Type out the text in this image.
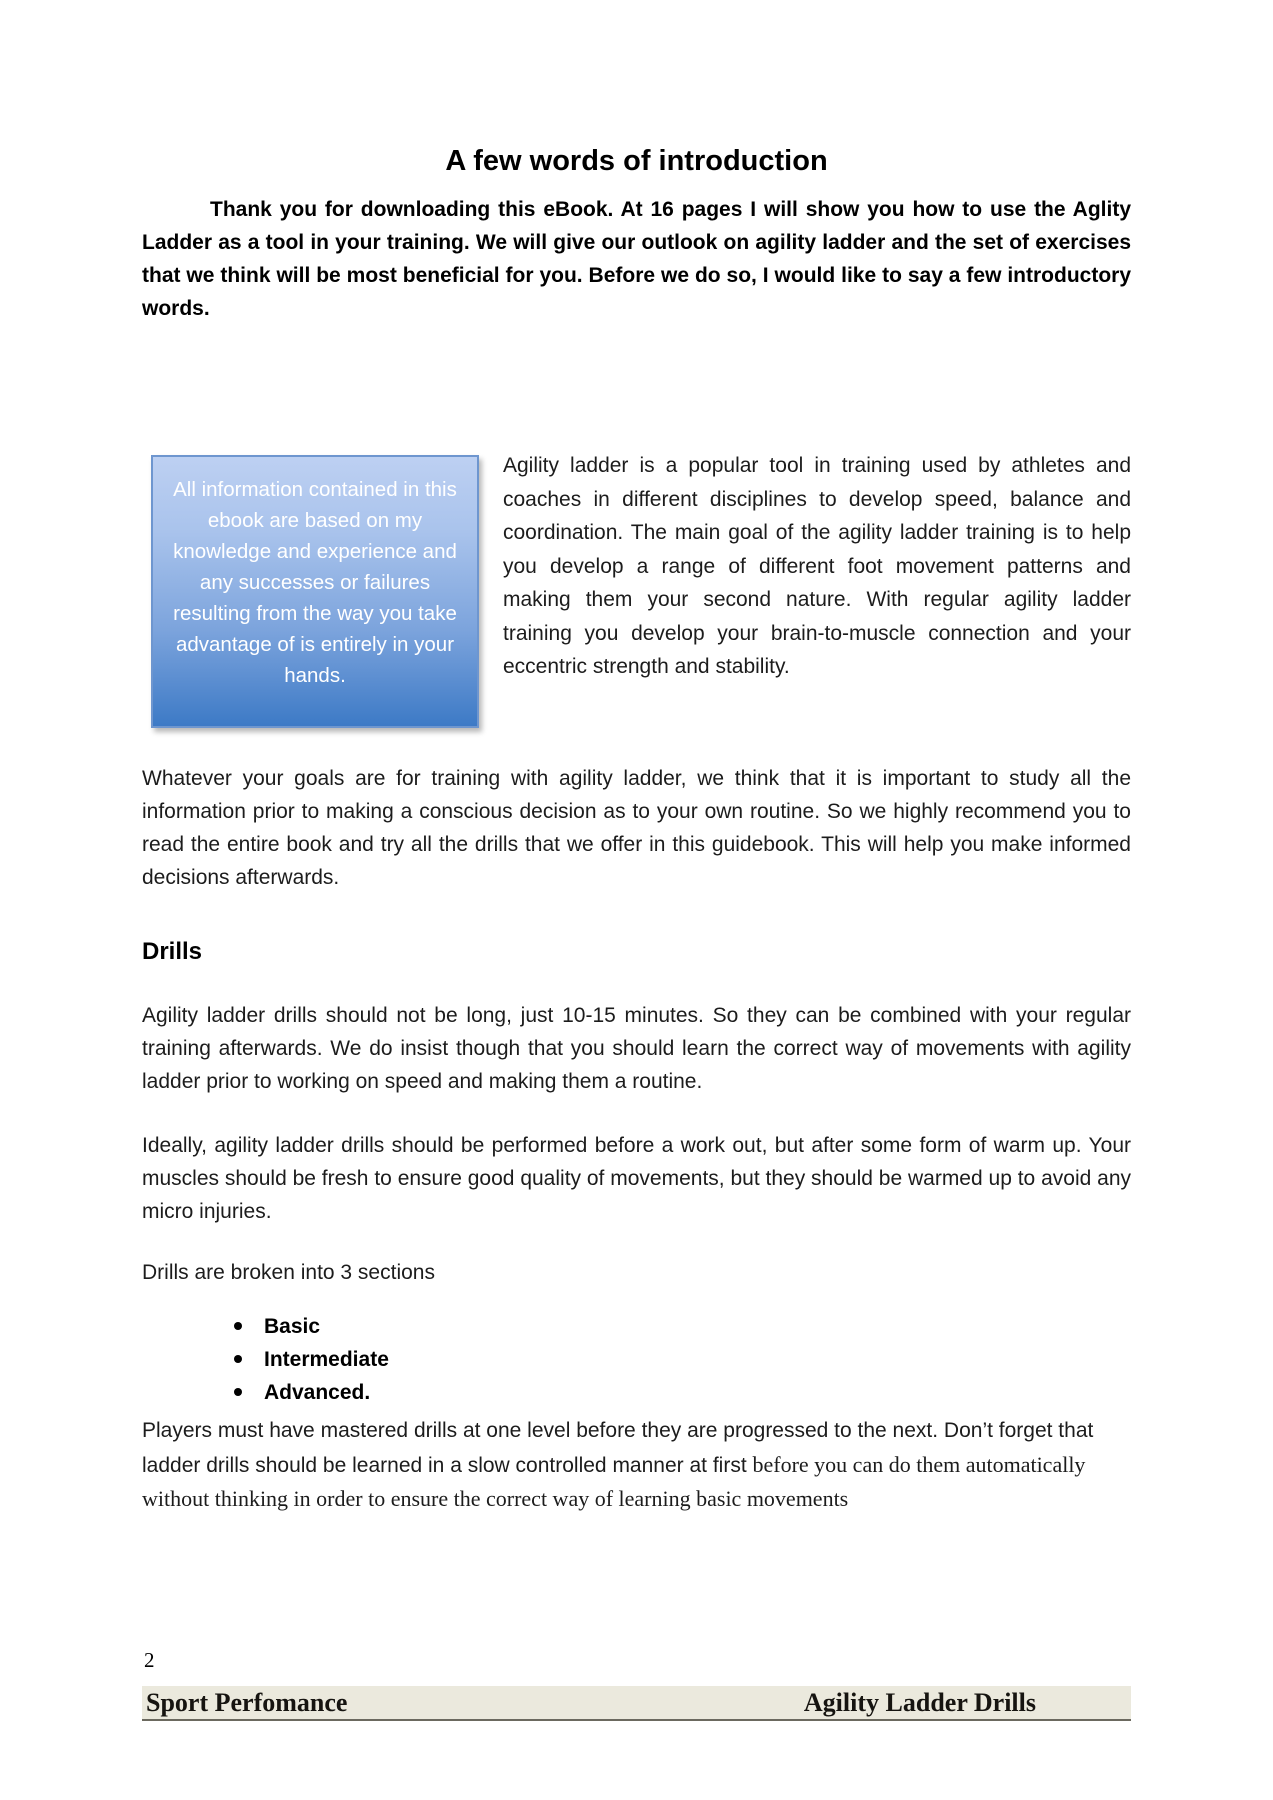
A few words of introduction
Thank you for downloading this eBook. At 16 pages I will show you how to use the Aglity Ladder as a tool in your training. We will give our outlook on agility ladder and the set of exercises that we think will be most beneficial for you. Before we do so, I would like to say a few introductory words.
All information contained in this ebook are based on my knowledge and experience and any successes or failures resulting from the way you take advantage of is entirely in your hands.
Agility ladder is a popular tool in training used by athletes and coaches in different disciplines to develop speed, balance and coordination. The main goal of the agility ladder training is to help you develop a range of different foot movement patterns and making them your second nature. With regular agility ladder training you develop your brain-to-muscle connection and your eccentric strength and stability.
Whatever your goals are for training with agility ladder, we think that it is important to study all the information prior to making a conscious decision as to your own routine. So we highly recommend you to read the entire book and try all the drills that we offer in this guidebook. This will help you make informed decisions afterwards.
Drills
Agility ladder drills should not be long, just 10-15 minutes. So they can be combined with your regular training afterwards. We do insist though that you should learn the correct way of movements with agility ladder prior to working on speed and making them a routine.
Ideally, agility ladder drills should be performed before a work out, but after some form of warm up. Your muscles should be fresh to ensure good quality of movements, but they should be warmed up to avoid any micro injuries.
Drills are broken into 3 sections
Basic
Intermediate
Advanced.
Players must have mastered drills at one level before they are progressed to the next. Don’t forget that ladder drills should be learned in a slow controlled manner at first before you can do them automatically without thinking in order to ensure the correct way of learning basic movements
2
Sport Perfomance	Agility Ladder Drills
